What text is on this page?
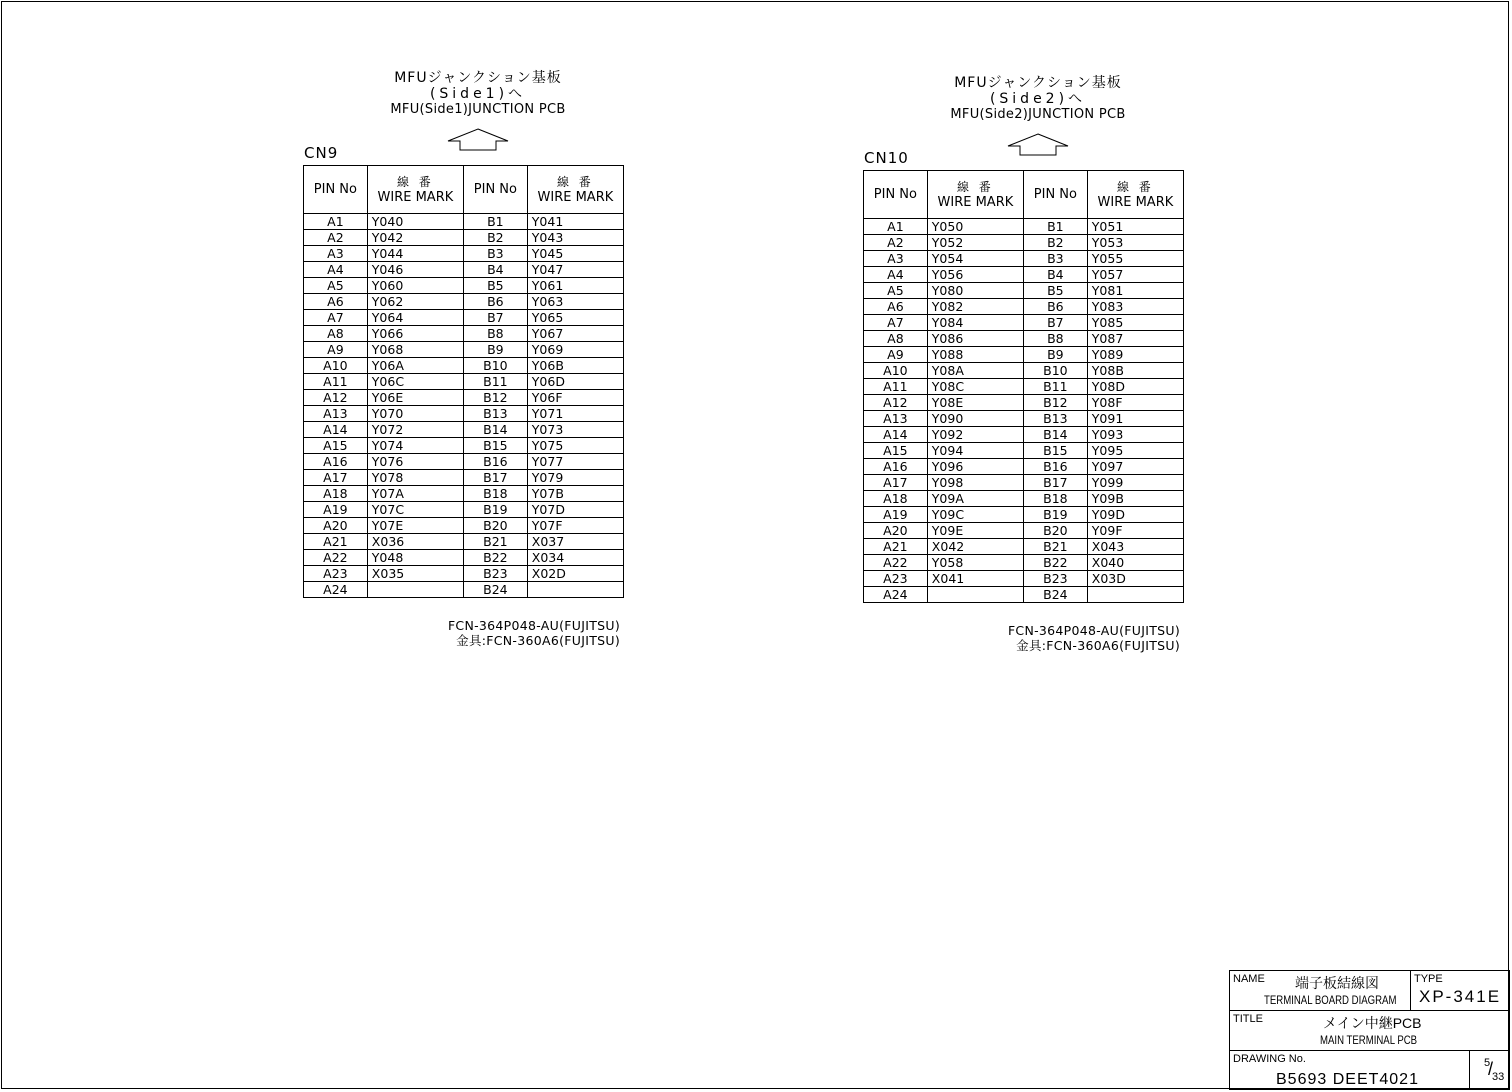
MFUジャンクション基板
(Side1)へ
MFU(Side1)JUNCTION PCB
CN9
PIN No	線 番
WIRE MARK	PIN No	線 番
WIRE MARK
A1	Y040	B1	Y041
A2	Y042	B2	Y043
A3	Y044	B3	Y045
A4	Y046	B4	Y047
A5	Y060	B5	Y061
A6	Y062	B6	Y063
A7	Y064	B7	Y065
A8	Y066	B8	Y067
A9	Y068	B9	Y069
A10	Y06A	B10	Y06B
A11	Y06C	B11	Y06D
A12	Y06E	B12	Y06F
A13	Y070	B13	Y071
A14	Y072	B14	Y073
A15	Y074	B15	Y075
A16	Y076	B16	Y077
A17	Y078	B17	Y079
A18	Y07A	B18	Y07B
A19	Y07C	B19	Y07D
A20	Y07E	B20	Y07F
A21	X036	B21	X037
A22	Y048	B22	X034
A23	X035	B23	X02D
A24		B24	
FCN-364P048-AU(FUJITSU)
金具:FCN-360A6(FUJITSU)
MFUジャンクション基板
(Side2)へ
MFU(Side2)JUNCTION PCB
CN10
PIN No	線 番
WIRE MARK	PIN No	線 番
WIRE MARK
A1	Y050	B1	Y051
A2	Y052	B2	Y053
A3	Y054	B3	Y055
A4	Y056	B4	Y057
A5	Y080	B5	Y081
A6	Y082	B6	Y083
A7	Y084	B7	Y085
A8	Y086	B8	Y087
A9	Y088	B9	Y089
A10	Y08A	B10	Y08B
A11	Y08C	B11	Y08D
A12	Y08E	B12	Y08F
A13	Y090	B13	Y091
A14	Y092	B14	Y093
A15	Y094	B15	Y095
A16	Y096	B16	Y097
A17	Y098	B17	Y099
A18	Y09A	B18	Y09B
A19	Y09C	B19	Y09D
A20	Y09E	B20	Y09F
A21	X042	B21	X043
A22	Y058	B22	X040
A23	X041	B23	X03D
A24		B24	
FCN-364P048-AU(FUJITSU)
金具:FCN-360A6(FUJITSU)
NAME 端子板結線図
TERMINAL BOARD DIAGRAM
TYPE
XP-341E
TITLE	メイン中継PCB
MAIN TERMINAL PCB
DRAWING No.
B5693 DEET4021
5
/
33
